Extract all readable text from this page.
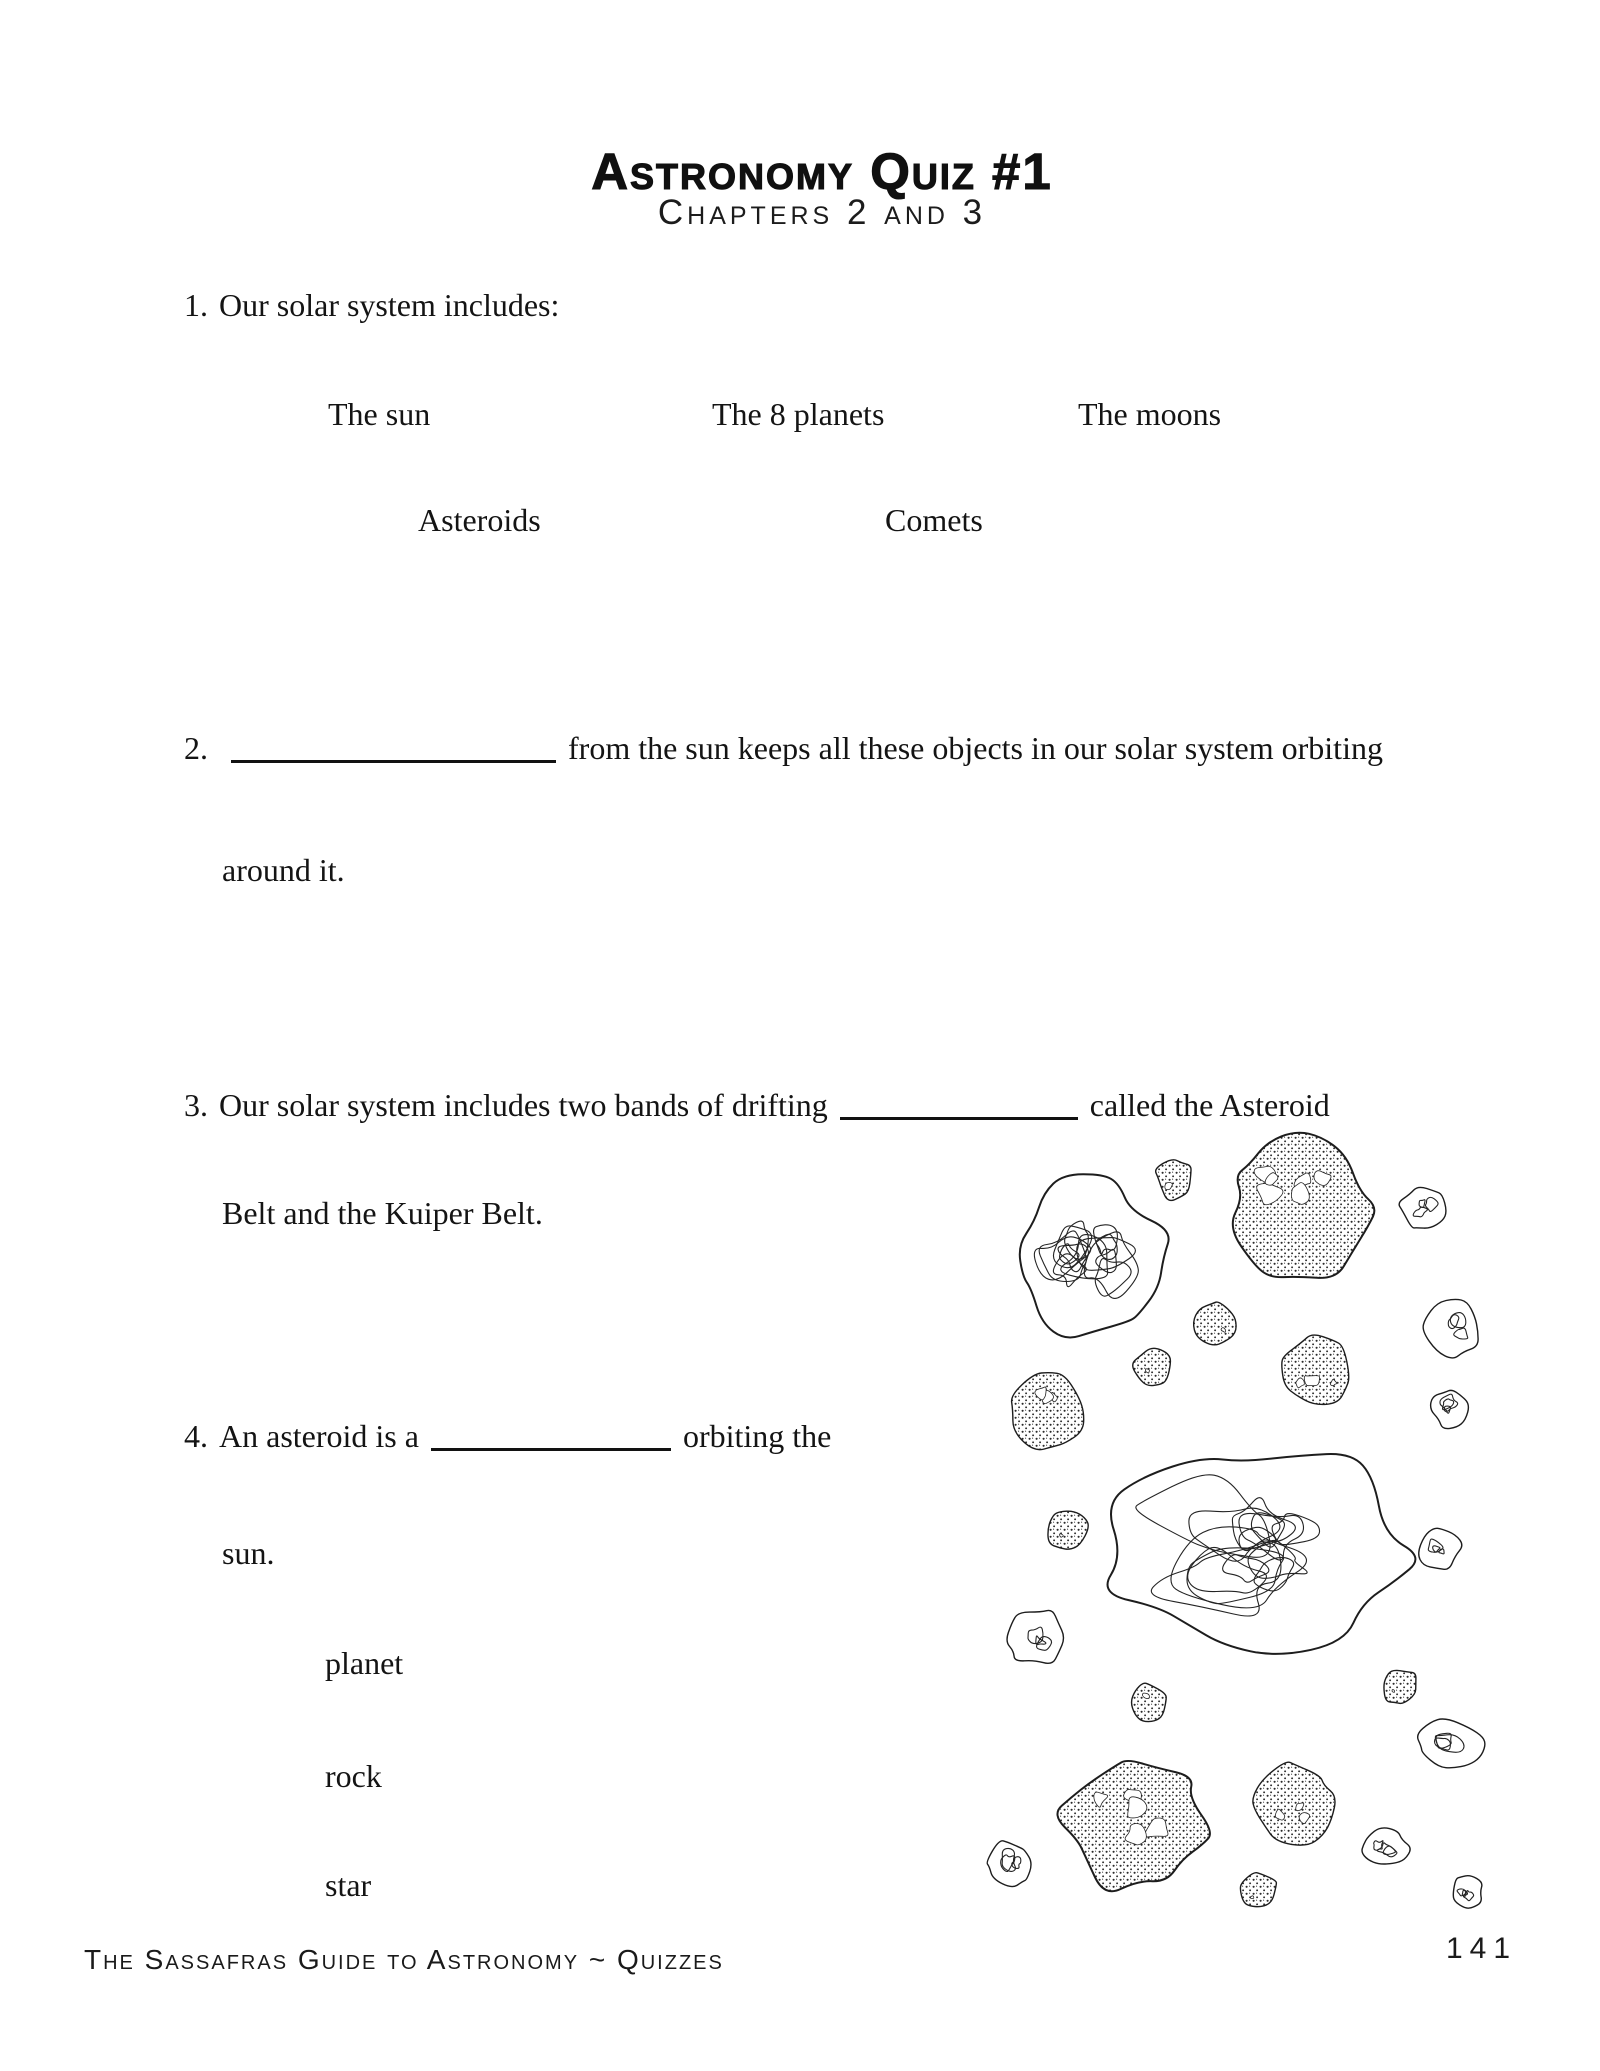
Astronomy Quiz #1
Chapters 2 and 3
1. Our solar system includes:
The sun	The 8 planets	The moons
Asteroids	Comets
2.	from the sun keeps all these objects in our solar system orbiting
around it.
3. Our solar system includes two bands of drifting	called the Asteroid
Belt and the Kuiper Belt.
4. An asteroid is a	orbiting the
sun.
planet
rock
star
The Sassafras Guide to Astronomy ~ Quizzes	141
